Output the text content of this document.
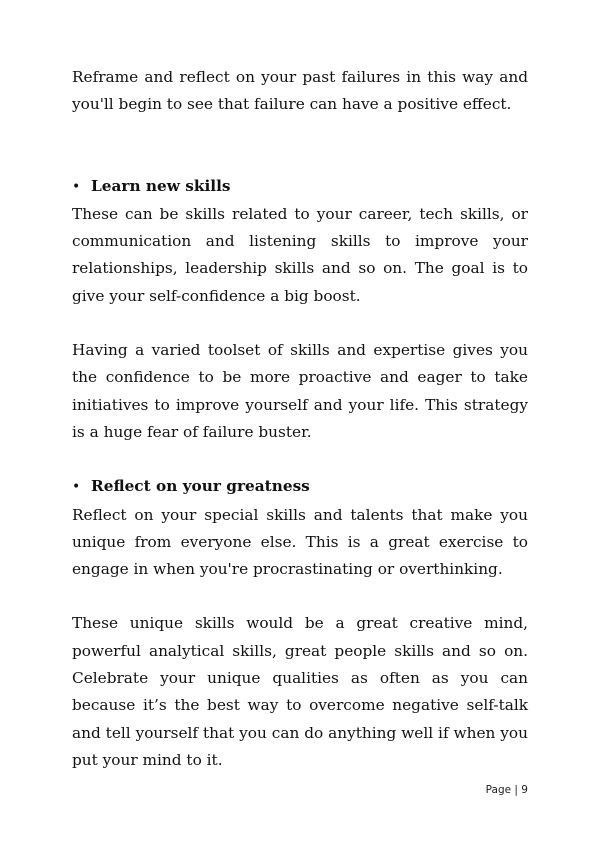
Reframe and reflect on your past failures in this way and you'll begin to see that failure can have a positive effect.

• Learn new skills

These can be skills related to your career, tech skills, or communication and listening skills to improve your relationships, leadership skills and so on. The goal is to give your self-confidence a big boost.

Having a varied toolset of skills and expertise gives you the confidence to be more proactive and eager to take initiatives to improve yourself and your life. This strategy is a huge fear of failure buster.

• Reflect on your greatness

Reflect on your special skills and talents that make you unique from everyone else. This is a great exercise to engage in when you're procrastinating or overthinking.

These unique skills would be a great creative mind, powerful analytical skills, great people skills and so on. Celebrate your unique qualities as often as you can because it’s the best way to overcome negative self-talk and tell yourself that you can do anything well if when you put your mind to it.

Page | 9
